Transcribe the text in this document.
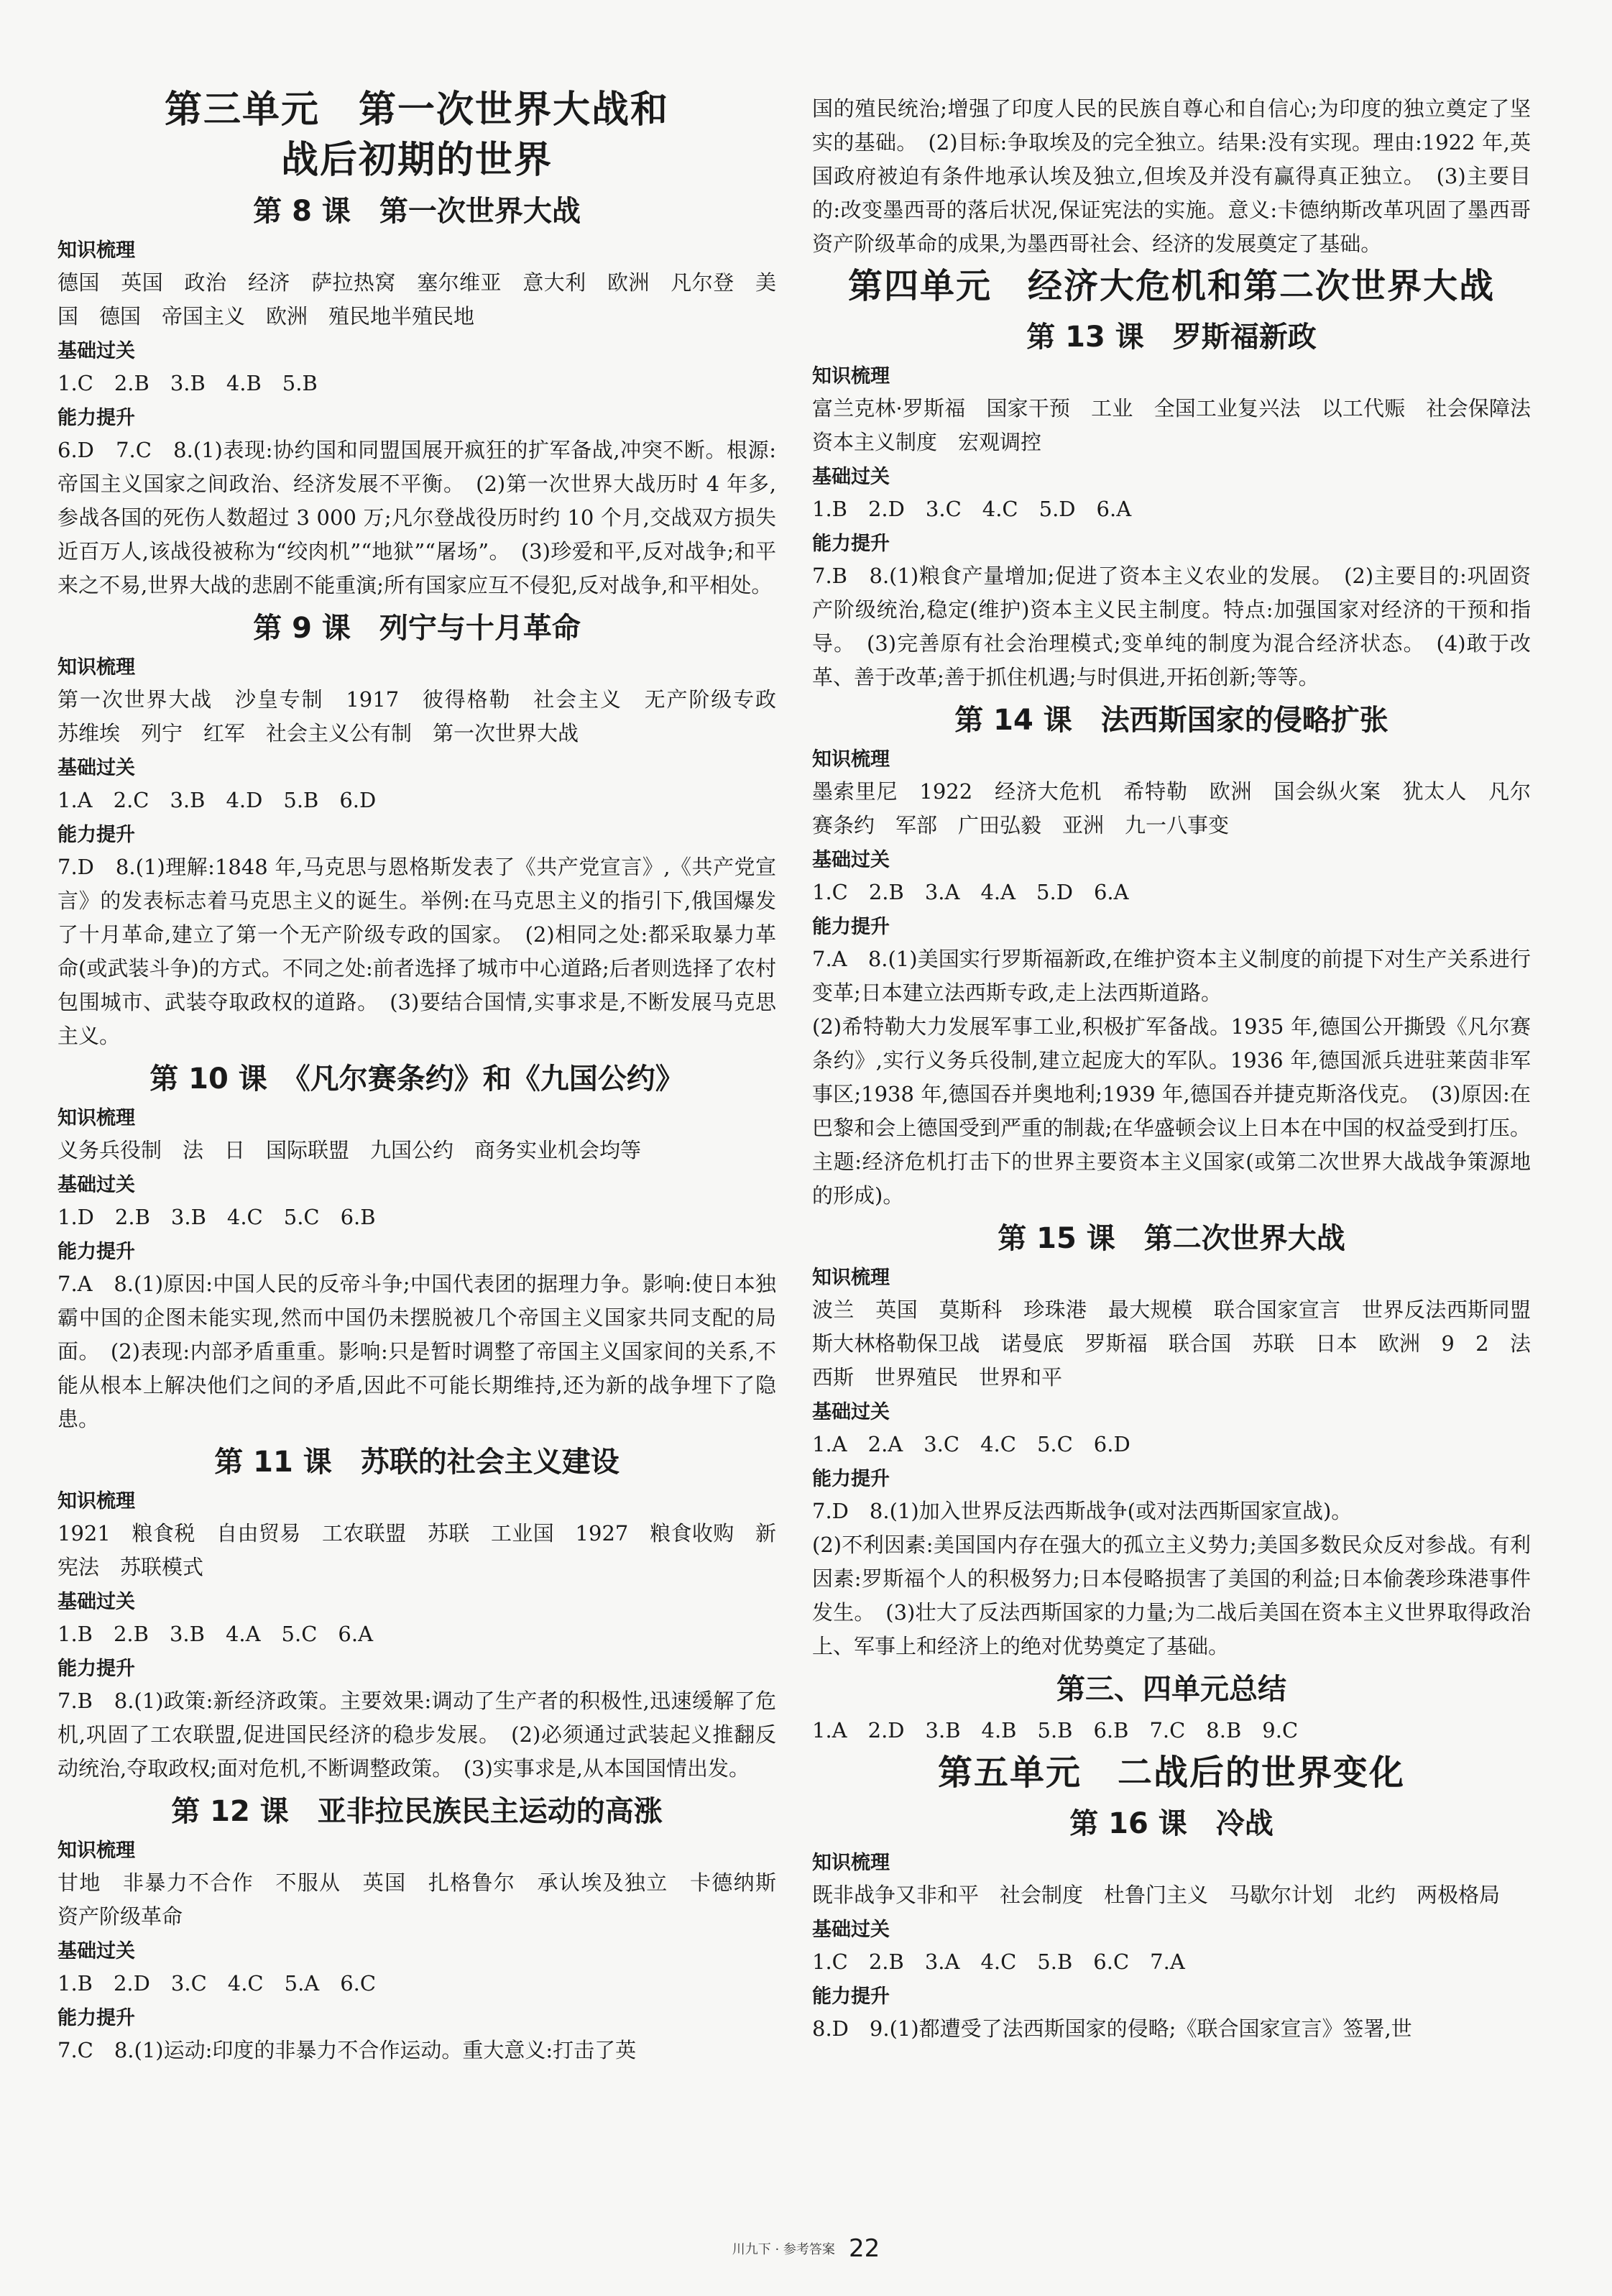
第三单元　第一次世界大战和
战后初期的世界
第 8 课　第一次世界大战
知识梳理
德国　英国　政治　经济　萨拉热窝　塞尔维亚　意大利　欧洲　凡尔登　美国　德国　帝国主义　欧洲　殖民地半殖民地
基础过关
1.C　2.B　3.B　4.B　5.B
能力提升
6.D　7.C　8.(1)表现:协约国和同盟国展开疯狂的扩军备战,冲突不断。根源:帝国主义国家之间政治、经济发展不平衡。　(2)第一次世界大战历时 4 年多,参战各国的死伤人数超过 3 000 万;凡尔登战役历时约 10 个月,交战双方损失近百万人,该战役被称为“绞肉机”“地狱”“屠场”。　(3)珍爱和平,反对战争;和平来之不易,世界大战的悲剧不能重演;所有国家应互不侵犯,反对战争,和平相处。
第 9 课　列宁与十月革命
知识梳理
第一次世界大战　沙皇专制　1917　彼得格勒　社会主义　无产阶级专政　苏维埃　列宁　红军　社会主义公有制　第一次世界大战
基础过关
1.A　2.C　3.B　4.D　5.B　6.D
能力提升
7.D　8.(1)理解:1848 年,马克思与恩格斯发表了《共产党宣言》,《共产党宣言》的发表标志着马克思主义的诞生。举例:在马克思主义的指引下,俄国爆发了十月革命,建立了第一个无产阶级专政的国家。　(2)相同之处:都采取暴力革命(或武装斗争)的方式。不同之处:前者选择了城市中心道路;后者则选择了农村包围城市、武装夺取政权的道路。　(3)要结合国情,实事求是,不断发展马克思主义。
第 10 课　《凡尔赛条约》和《九国公约》
知识梳理
义务兵役制　法　日　国际联盟　九国公约　商务实业机会均等
基础过关
1.D　2.B　3.B　4.C　5.C　6.B
能力提升
7.A　8.(1)原因:中国人民的反帝斗争;中国代表团的据理力争。影响:使日本独霸中国的企图未能实现,然而中国仍未摆脱被几个帝国主义国家共同支配的局面。　(2)表现:内部矛盾重重。影响:只是暂时调整了帝国主义国家间的关系,不能从根本上解决他们之间的矛盾,因此不可能长期维持,还为新的战争埋下了隐患。
第 11 课　苏联的社会主义建设
知识梳理
1921　粮食税　自由贸易　工农联盟　苏联　工业国　1927　粮食收购　新宪法　苏联模式
基础过关
1.B　2.B　3.B　4.A　5.C　6.A
能力提升
7.B　8.(1)政策:新经济政策。主要效果:调动了生产者的积极性,迅速缓解了危机,巩固了工农联盟,促进国民经济的稳步发展。　(2)必须通过武装起义推翻反动统治,夺取政权;面对危机,不断调整政策。　(3)实事求是,从本国国情出发。
第 12 课　亚非拉民族民主运动的高涨
知识梳理
甘地　非暴力不合作　不服从　英国　扎格鲁尔　承认埃及独立　卡德纳斯　资产阶级革命
基础过关
1.B　2.D　3.C　4.C　5.A　6.C
能力提升
7.C　8.(1)运动:印度的非暴力不合作运动。重大意义:打击了英
国的殖民统治;增强了印度人民的民族自尊心和自信心;为印度的独立奠定了坚实的基础。　(2)目标:争取埃及的完全独立。结果:没有实现。理由:1922 年,英国政府被迫有条件地承认埃及独立,但埃及并没有赢得真正独立。　(3)主要目的:改变墨西哥的落后状况,保证宪法的实施。意义:卡德纳斯改革巩固了墨西哥资产阶级革命的成果,为墨西哥社会、经济的发展奠定了基础。
第四单元　经济大危机和第二次世界大战
第 13 课　罗斯福新政
知识梳理
富兰克林·罗斯福　国家干预　工业　全国工业复兴法　以工代赈　社会保障法　资本主义制度　宏观调控
基础过关
1.B　2.D　3.C　4.C　5.D　6.A
能力提升
7.B　8.(1)粮食产量增加;促进了资本主义农业的发展。　(2)主要目的:巩固资产阶级统治,稳定(维护)资本主义民主制度。特点:加强国家对经济的干预和指导。　(3)完善原有社会治理模式;变单纯的制度为混合经济状态。　(4)敢于改革、善于改革;善于抓住机遇;与时俱进,开拓创新;等等。
第 14 课　法西斯国家的侵略扩张
知识梳理
墨索里尼　1922　经济大危机　希特勒　欧洲　国会纵火案　犹太人　凡尔赛条约　军部　广田弘毅　亚洲　九一八事变
基础过关
1.C　2.B　3.A　4.A　5.D　6.A
能力提升
7.A　8.(1)美国实行罗斯福新政,在维护资本主义制度的前提下对生产关系进行变革;日本建立法西斯专政,走上法西斯道路。
(2)希特勒大力发展军事工业,积极扩军备战。1935 年,德国公开撕毁《凡尔赛条约》,实行义务兵役制,建立起庞大的军队。1936 年,德国派兵进驻莱茵非军事区;1938 年,德国吞并奥地利;1939 年,德国吞并捷克斯洛伐克。　(3)原因:在巴黎和会上德国受到严重的制裁;在华盛顿会议上日本在中国的权益受到打压。主题:经济危机打击下的世界主要资本主义国家(或第二次世界大战战争策源地的形成)。
第 15 课　第二次世界大战
知识梳理
波兰　英国　莫斯科　珍珠港　最大规模　联合国家宣言　世界反法西斯同盟　斯大林格勒保卫战　诺曼底　罗斯福　联合国　苏联　日本　欧洲　9　2　法西斯　世界殖民　世界和平
基础过关
1.A　2.A　3.C　4.C　5.C　6.D
能力提升
7.D　8.(1)加入世界反法西斯战争(或对法西斯国家宣战)。
(2)不利因素:美国国内存在强大的孤立主义势力;美国多数民众反对参战。有利因素:罗斯福个人的积极努力;日本侵略损害了美国的利益;日本偷袭珍珠港事件发生。　(3)壮大了反法西斯国家的力量;为二战后美国在资本主义世界取得政治上、军事上和经济上的绝对优势奠定了基础。
第三、四单元总结
1.A　2.D　3.B　4.B　5.B　6.B　7.C　8.B　9.C
第五单元　二战后的世界变化
第 16 课　冷战
知识梳理
既非战争又非和平　社会制度　杜鲁门主义　马歇尔计划　北约　两极格局
基础过关
1.C　2.B　3.A　4.C　5.B　6.C　7.A
能力提升
8.D　9.(1)都遭受了法西斯国家的侵略;《联合国家宣言》签署,世
川九下 · 参考答案 22
